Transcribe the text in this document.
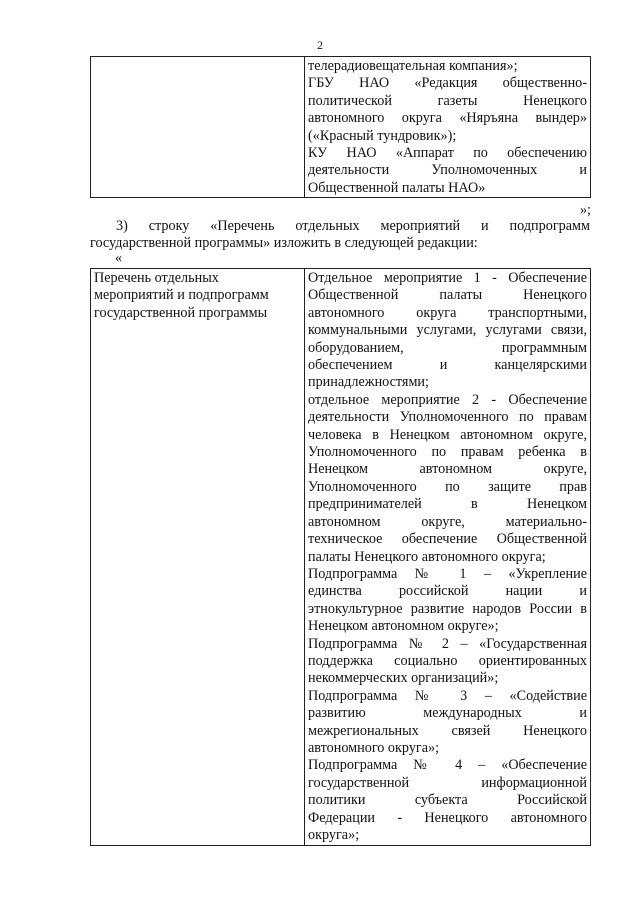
2

телерадиовещательная компания»;
ГБУ НАО «Редакция общественно-
политической газеты Ненецкого
автономного округа «Няръяна вындер»
(«Красный тундровик»);
КУ НАО «Аппарат по обеспечению
деятельности Уполномоченных и
Общественной палаты НАО»
»;
3) строку «Перечень отдельных мероприятий и подпрограмм
государственной программы» изложить в следующей редакции:
«
Перечень отдельных
мероприятий и подпрограмм
государственной программы

Отдельное мероприятие 1 - Обеспечение
Общественной палаты Ненецкого
автономного округа транспортными,
коммунальными услугами, услугами связи,
оборудованием, программным
обеспечением и канцелярскими
принадлежностями;
отдельное мероприятие 2 - Обеспечение
деятельности Уполномоченного по правам
человека в Ненецком автономном округе,
Уполномоченного по правам ребенка в
Ненецком автономном округе,
Уполномоченного по защите прав
предпринимателей в Ненецком
автономном округе, материально-
техническое обеспечение Общественной
палаты Ненецкого автономного округа;
Подпрограмма № 1 – «Укрепление
единства российской нации и
этнокультурное развитие народов России в
Ненецком автономном округе»;
Подпрограмма № 2 – «Государственная
поддержка социально ориентированных
некоммерческих организаций»;
Подпрограмма № 3 – «Содействие
развитию международных и
межрегиональных связей Ненецкого
автономного округа»;
Подпрограмма № 4 – «Обеспечение
государственной информационной
политики субъекта Российской
Федерации - Ненецкого автономного
округа»;
